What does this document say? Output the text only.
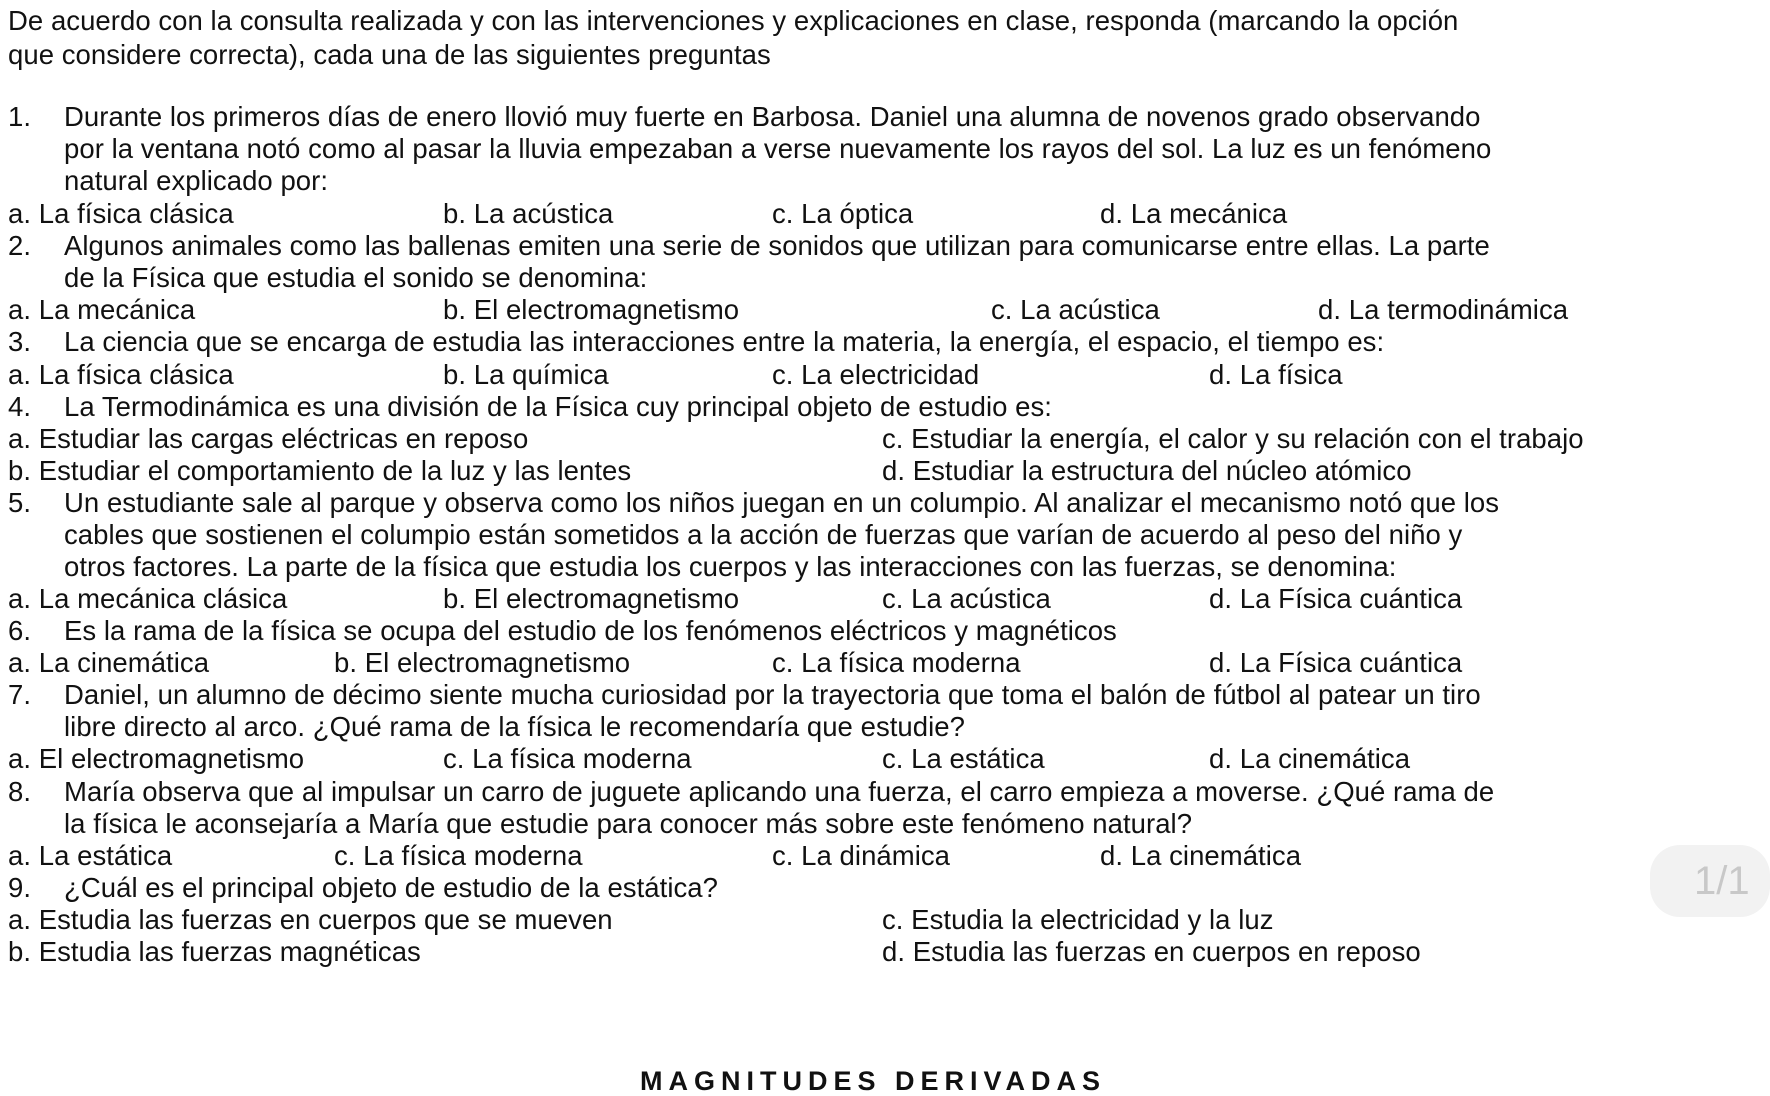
De acuerdo con la consulta realizada y con las intervenciones y explicaciones en clase, responda (marcando la opción
que considere correcta), cada una de las siguientes preguntas
1. Durante los primeros días de enero llovió muy fuerte en Barbosa. Daniel una alumna de novenos grado observando
por la ventana notó como al pasar la lluvia empezaban a verse nuevamente los rayos del sol. La luz es un fenómeno
natural explicado por:
a. La física clásica	b. La acústica	c. La óptica	d. La mecánica
2. Algunos animales como las ballenas emiten una serie de sonidos que utilizan para comunicarse entre ellas. La parte
de la Física que estudia el sonido se denomina:
a. La mecánica	b. El electromagnetismo	c. La acústica	d. La termodinámica
3. La ciencia que se encarga de estudia las interacciones entre la materia, la energía, el espacio, el tiempo es:
a. La física clásica	b. La química	c. La electricidad	d. La física
4. La Termodinámica es una división de la Física cuy principal objeto de estudio es:
a. Estudiar las cargas eléctricas en reposo	c. Estudiar la energía, el calor y su relación con el trabajo
b. Estudiar el comportamiento de la luz y las lentes	d. Estudiar la estructura del núcleo atómico
5. Un estudiante sale al parque y observa como los niños juegan en un columpio. Al analizar el mecanismo notó que los
cables que sostienen el columpio están sometidos a la acción de fuerzas que varían de acuerdo al peso del niño y
otros factores. La parte de la física que estudia los cuerpos y las interacciones con las fuerzas, se denomina:
a. La mecánica clásica	b. El electromagnetismo	c. La acústica	d. La Física cuántica
6. Es la rama de la física se ocupa del estudio de los fenómenos eléctricos y magnéticos
a. La cinemática	b. El electromagnetismo	c. La física moderna	d. La Física cuántica
7. Daniel, un alumno de décimo siente mucha curiosidad por la trayectoria que toma el balón de fútbol al patear un tiro
libre directo al arco. ¿Qué rama de la física le recomendaría que estudie?
a. El electromagnetismo	c. La física moderna	c. La estática	d. La cinemática
8. María observa que al impulsar un carro de juguete aplicando una fuerza, el carro empieza a moverse. ¿Qué rama de
la física le aconsejaría a María que estudie para conocer más sobre este fenómeno natural?
a. La estática	c. La física moderna	c. La dinámica	d. La cinemática
9. ¿Cuál es el principal objeto de estudio de la estática?
a. Estudia las fuerzas en cuerpos que se mueven	c. Estudia la electricidad y la luz
b. Estudia las fuerzas magnéticas	d. Estudia las fuerzas en cuerpos en reposo
MAGNITUDES DERIVADAS
1/1
